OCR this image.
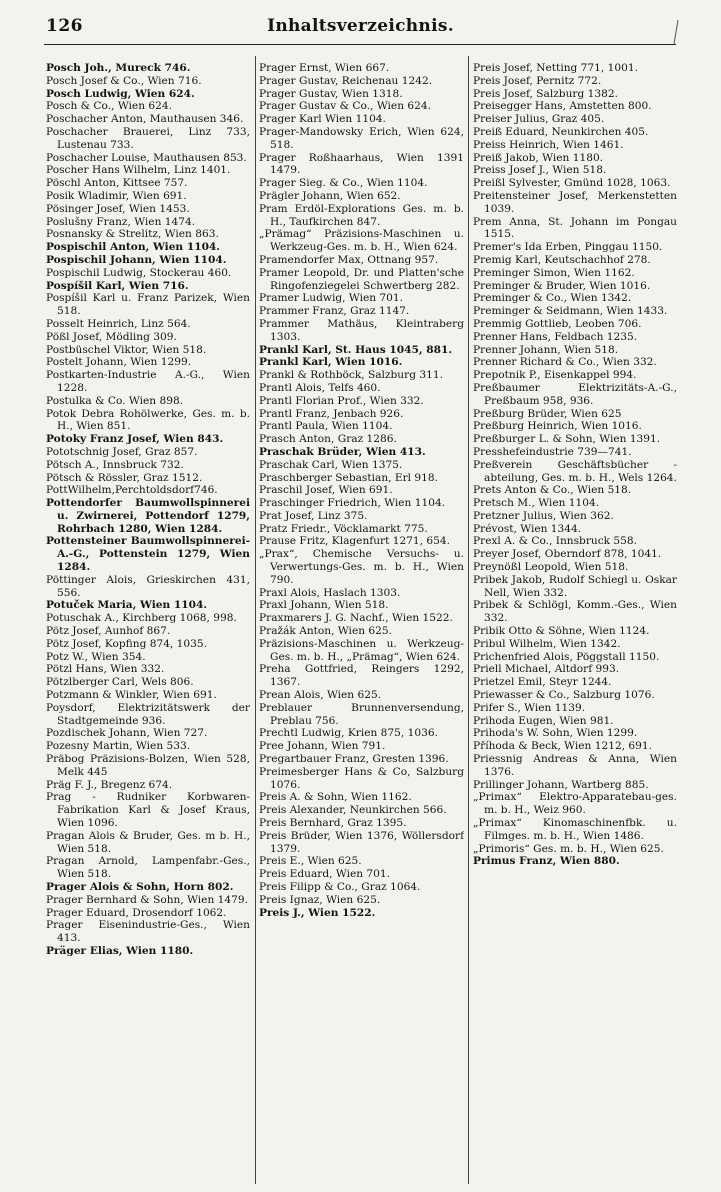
126	Inhaltsverzeichnis.

Posch Joh., Mureck 746.

Posch Josef & Co., Wien 716.

Posch Ludwig, Wien 624.

Posch & Co., Wien 624.

Poschacher Anton, Mauthausen 346.

Poschacher Brauerei, Linz 733, Lustenau 733.

Poschacher Louise, Mauthausen 853.

Poscher Hans Wilhelm, Linz 1401.

Pöschl Anton, Kittsee 757.

Posik Wladimir, Wien 691.

Pösinger Josef, Wien 1453.

Poslušny Franz, Wien 1474.

Posnansky & Strelitz, Wien 863.

Pospischil Anton, Wien 1104.

Pospischil Johann, Wien 1104.

Pospischil Ludwig, Stockerau 460.

Pospíšil Karl, Wien 716.

Pospíšil Karl u. Franz Parizek, Wien 518.

Posselt Heinrich, Linz 564.

Pößl Josef, Mödling 309.

Postbüschel Viktor, Wien 518.

Postelt Johann, Wien 1299.

Postkarten-Industrie A.-G., Wien 1228.

Postulka & Co. Wien 898.

Potok Debra Rohölwerke, Ges. m. b. H., Wien 851.

Potoky Franz Josef, Wien 843.

Pototschnig Josef, Graz 857.

Pötsch A., Innsbruck 732.

Pötsch & Rössler, Graz 1512.

PottWilhelm,Perchtoldsdorf746.

Pottendorfer Baumwollspinnerei u. Zwirnerei, Pottendorf 1279, Rohrbach 1280, Wien 1284.

Pottensteiner Baumwollspinnerei-A.-G., Pottenstein 1279, Wien 1284.

Pöttinger Alois, Grieskirchen 431, 556.

Potuček Maria, Wien 1104.

Potuschak A., Kirchberg 1068, 998.

Pötz Josef, Aunhof 867.

Pötz Josef, Kopfing 874, 1035.

Potz W., Wien 354.

Pötzl Hans, Wien 332.

Pötzlberger Carl, Wels 806.

Potzmann & Winkler, Wien 691.

Poysdorf, Elektrizitätswerk der Stadtgemeinde 936.

Pozdischek Johann, Wien 727.

Pozesny Martin, Wien 533.

Präbog Präzisions-Bolzen, Wien 528, Melk 445

Präg F. J., Bregenz 674.

Prag - Rudniker Korbwaren-Fabrikation Karl & Josef Kraus, Wien 1096.

Pragan Alois & Bruder, Ges. m b. H., Wien 518.

Pragan Arnold, Lampenfabr.-Ges., Wien 518.

Prager Alois & Sohn, Horn 802.

Prager Bernhard & Sohn, Wien 1479.

Prager Eduard, Drosendorf 1062.

Prager Eisenindustrie-Ges., Wien 413.

Präger Elias, Wien 1180.

Prager Ernst, Wien 667.

Prager Gustav, Reichenau 1242.

Prager Gustav, Wien 1318.

Prager Gustav & Co., Wien 624.

Prager Karl Wien 1104.

Prager-Mandowsky Erich, Wien 624, 518.

Prager Roßhaarhaus, Wien 1391 1479.

Prager Sieg. & Co., Wien 1104.

Prägler Johann, Wien 652.

Pram Erdöl-Explorations Ges. m. b. H., Taufkirchen 847.

„Prämag“ Präzisions-Maschinen u. Werkzeug-Ges. m. b. H., Wien 624.

Pramendorfer Max, Ottnang 957.

Pramer Leopold, Dr. und Platten'sche Ringofenziegelei Schwertberg 282.

Pramer Ludwig, Wien 701.

Prammer Franz, Graz 1147.

Prammer Mathäus, Kleintraberg 1303.

Prankl Karl, St. Haus 1045, 881.

Prankl Karl, Wien 1016.

Prankl & Rothböck, Salzburg 311.

Prantl Alois, Telfs 460.

Prantl Florian Prof., Wien 332.

Prantl Franz, Jenbach 926.

Prantl Paula, Wien 1104.

Prasch Anton, Graz 1286.

Praschak Brüder, Wien 413.

Praschak Carl, Wien 1375.

Praschberger Sebastian, Erl 918.

Praschil Josef, Wien 691.

Praschinger Friedrich, Wien 1104.

Prat Josef, Linz 375.

Pratz Friedr., Vöcklamarkt 775.

Prause Fritz, Klagenfurt 1271, 654.

„Prax“, Chemische Versuchs- u. Verwertungs-Ges. m. b. H., Wien 790.

Praxl Alois, Haslach 1303.

Praxl Johann, Wien 518.

Praxmarers J. G. Nachf., Wien 1522.

Pražák Anton, Wien 625.

Präzisions-Maschinen u. Werkzeug-Ges. m. b. H., „Prämag“, Wien 624.

Preha Gottfried, Reingers 1292, 1367.

Prean Alois, Wien 625.

Preblauer Brunnenversendung, Preblau 756.

Prechtl Ludwig, Krien 875, 1036.

Pree Johann, Wien 791.

Pregartbauer Franz, Gresten 1396.

Preimesberger Hans & Co, Salzburg 1076.

Preis A. & Sohn, Wien 1162.

Preis Alexander, Neunkirchen 566.

Preis Bernhard, Graz 1395.

Preis Brüder, Wien 1376, Wöllersdorf 1379.

Preis E., Wien 625.

Preis Eduard, Wien 701.

Preis Filipp & Co., Graz 1064.

Preis Ignaz, Wien 625.

Preis J., Wien 1522.

Preis Josef, Netting 771, 1001.

Preis Josef, Pernitz 772.

Preis Josef, Salzburg 1382.

Preisegger Hans, Amstetten 800.

Preiser Julius, Graz 405.

Preiß Eduard, Neunkirchen 405.

Preiss Heinrich, Wien 1461.

Preiß Jakob, Wien 1180.

Preiss Josef J., Wien 518.

Preißl Sylvester, Gmünd 1028, 1063.

Preitensteiner Josef, Merkenstetten 1039.

Prem Anna, St. Johann im Pongau 1515.

Premer's Ida Erben, Pinggau 1150.

Premig Karl, Keutschachhof 278.

Preminger Simon, Wien 1162.

Preminger & Bruder, Wien 1016.

Preminger & Co., Wien 1342.

Preminger & Seidmann, Wien 1433.

Premmig Gottlieb, Leoben 706.

Prenner Hans, Feldbach 1235.

Prenner Johann, Wien 518.

Prenner Richard & Co., Wien 332.

Prepotnik P., Eisenkappel 994.

Preßbaumer Elektrizitäts-A.-G., Preßbaum 958, 936.

Preßburg Brüder, Wien 625

Preßburg Heinrich, Wien 1016.

Preßburger L. & Sohn, Wien 1391.

Presshefeindustrie 739—741.

Preßverein Geschäftsbücher - abteilung, Ges. m. b. H., Wels 1264.

Prets Anton & Co., Wien 518.

Pretsch M., Wien 1104.

Pretzner Julius, Wien 362.

Prévost, Wien 1344.

Prexl A. & Co., Innsbruck 558.

Preyer Josef, Oberndorf 878, 1041.

Preynößl Leopold, Wien 518.

Pribek Jakob, Rudolf Schiegl u. Oskar Nell, Wien 332.

Pribek & Schlögl, Komm.-Ges., Wien 332.

Pribik Otto & Söhne, Wien 1124.

Pribul Wilhelm, Wien 1342.

Prichenfried Alois, Pöggstall 1150.

Priell Michael, Altdorf 993.

Prietzel Emil, Steyr 1244.

Priewasser & Co., Salzburg 1076.

Prifer S., Wien 1139.

Prihoda Eugen, Wien 981.

Prihoda's W. Sohn, Wien 1299.

Příhoda & Beck, Wien 1212, 691.

Priessnig Andreas & Anna, Wien 1376.

Prillinger Johann, Wartberg 885.

„Primax“ Elektro-Apparatebau-ges. m. b. H., Weiz 960.

„Primax“ Kinomaschinenfbk. u. Filmges. m. b. H., Wien 1486.

„Primoris“ Ges. m. b. H., Wien 625.

Primus Franz, Wien 880.
